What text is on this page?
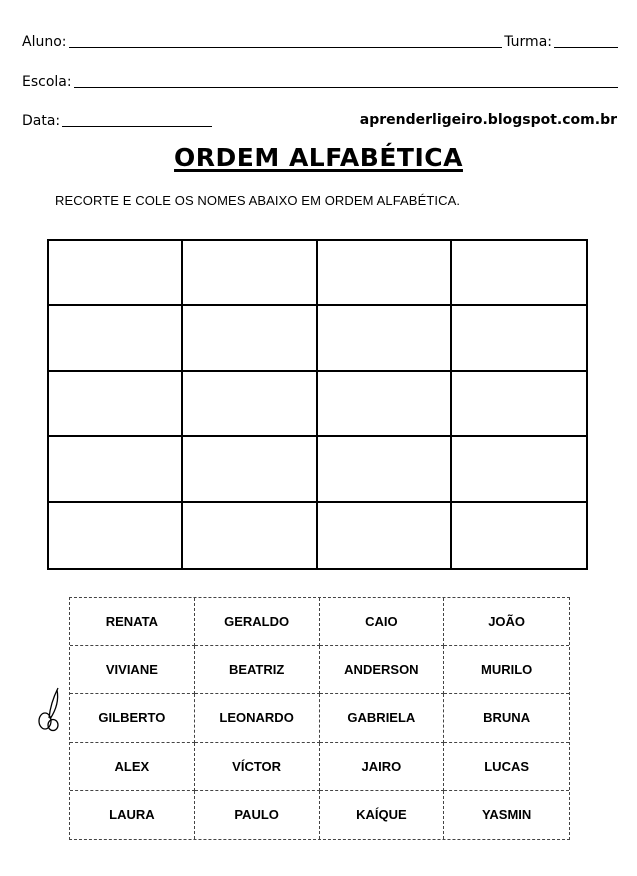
Aluno:	Turma:
Escola:
Data:	aprenderligeiro.blogspot.com.br
ORDEM ALFABÉTICA
RECORTE E COLE OS NOMES ABAIXO EM ORDEM ALFABÉTICA.
RENATA	GERALDO	CAIO	JOÃO
VIVIANE	BEATRIZ	ANDERSON	MURILO
GILBERTO	LEONARDO	GABRIELA	BRUNA
ALEX	VÍCTOR	JAIRO	LUCAS
LAURA	PAULO	KAÍQUE	YASMIN
